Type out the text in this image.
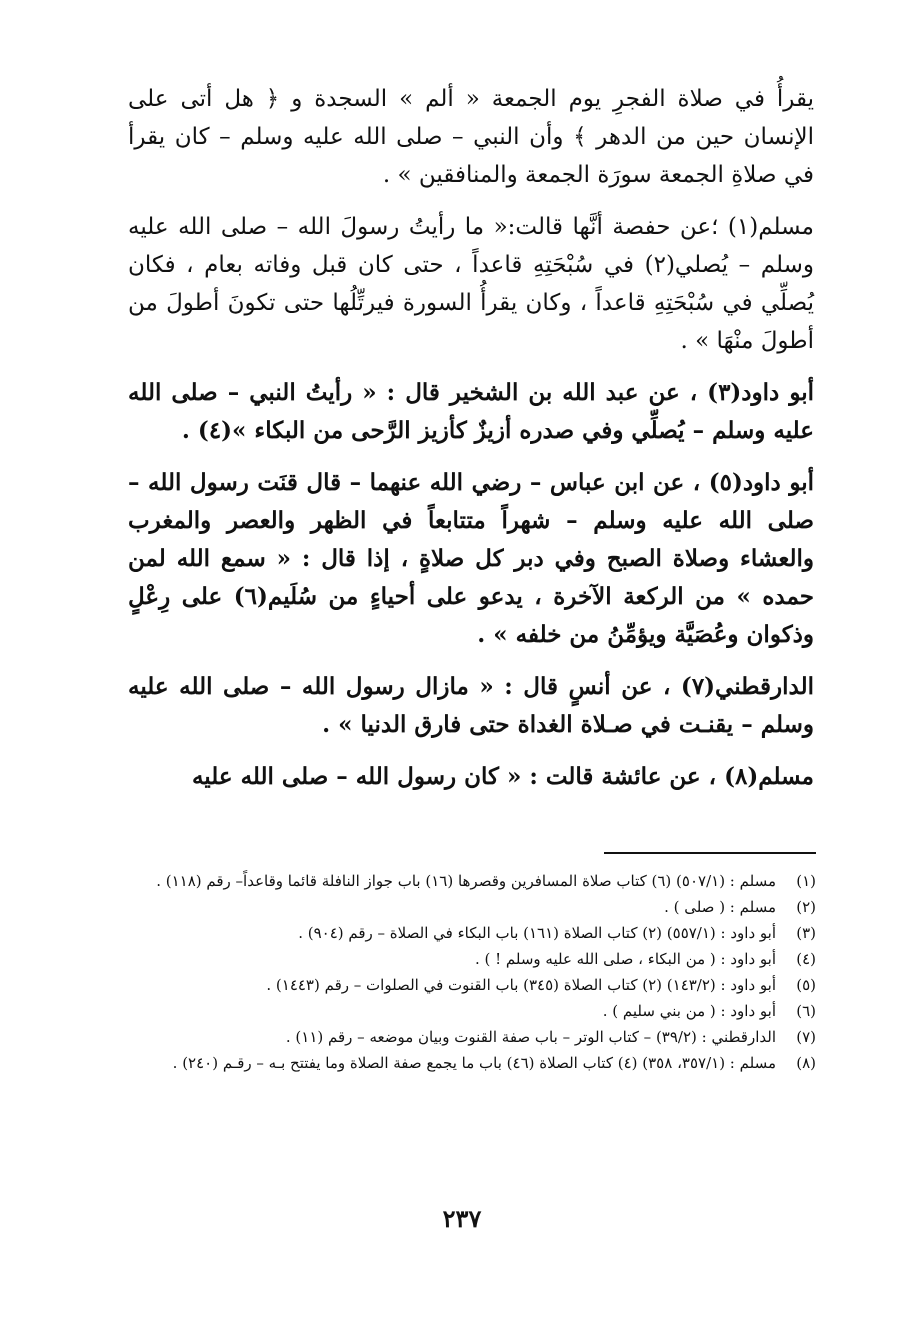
يقرأُ في صلاة الفجرِ يوم الجمعة « ألم » السجدة و ﴿ هل أتى على الإنسان حين من الدهر ﴾ وأن النبي – صلى الله عليه وسلم – كان يقرأ في صلاةِ الجمعة سورَة الجمعة والمنافقين » .

مسلم(١) ؛عن حفصة أنَّها قالت:« ما رأيتُ رسولَ الله – صلى الله عليه وسلم – يُصلي(٢) في سُبْحَتِهِ قاعداً ، حتى كان قبل وفاته بعام ، فكان يُصلِّي في سُبْحَتِهِ قاعداً ، وكان يقرأُ السورة فيرتِّلُها حتى تكونَ أطولَ من أطولَ منْهَا » .

أبو داود(٣) ، عن عبد الله بن الشخير قال : « رأيتُ النبي – صلى الله عليه وسلم – يُصلِّي وفي صدره أزيزٌ كأزيز الرَّحى من البكاء »(٤) .

أبو داود(٥) ، عن ابن عباس – رضي الله عنهما – قال قنَت رسول الله – صلى الله عليه وسلم – شهراً متتابعاً في الظهر والعصر والمغرب والعشاء وصلاة الصبح وفي دبر كل صلاةٍ ، إذا قال : « سمع الله لمن حمده » من الركعة الآخرة ، يدعو على أحياءٍ من سُلَيم(٦) على رِعْلٍ وذكوان وعُصَيَّة ويؤمِّنُ من خلفه » .

الدارقطني(٧) ، عن أنسٍ قال : « مازال رسول الله – صلى الله عليه وسلم – يقنـت في صـلاة الغداة حتى فارق الدنيا » .

مسلم(٨) ، عن عائشة قالت : « كان رسول الله – صلى الله عليه

(١)
مسلم : (٥٠٧/١) (٦) كتاب صلاة المسافرين وقصرها (١٦) باب جواز النافلة قائما وقاعداً– رقم (١١٨) .
(٢)
مسلم : ( صلى ) .
(٣)
أبو داود : (٥٥٧/١) (٢) كتاب الصلاة (١٦١) باب البكاء في الصلاة – رقم (٩٠٤) .
(٤)
أبو داود : ( من البكاء ، صلى الله عليه وسلم ! ) .
(٥)
أبو داود : (١٤٣/٢) (٢) كتاب الصلاة (٣٤٥) باب القنوت في الصلوات – رقم (١٤٤٣) .
(٦)
أبو داود : ( من بني سليم ) .
(٧)
الدارقطني : (٣٩/٢) – كتاب الوتر – باب صفة القنوت وبيان موضعه – رقم (١١) .
(٨)
مسلم : (٣٥٧/١، ٣٥٨) (٤) كتاب الصلاة (٤٦) باب ما يجمع صفة الصلاة وما يفتتح بـه – رقـم (٢٤٠) .
٢٣٧
